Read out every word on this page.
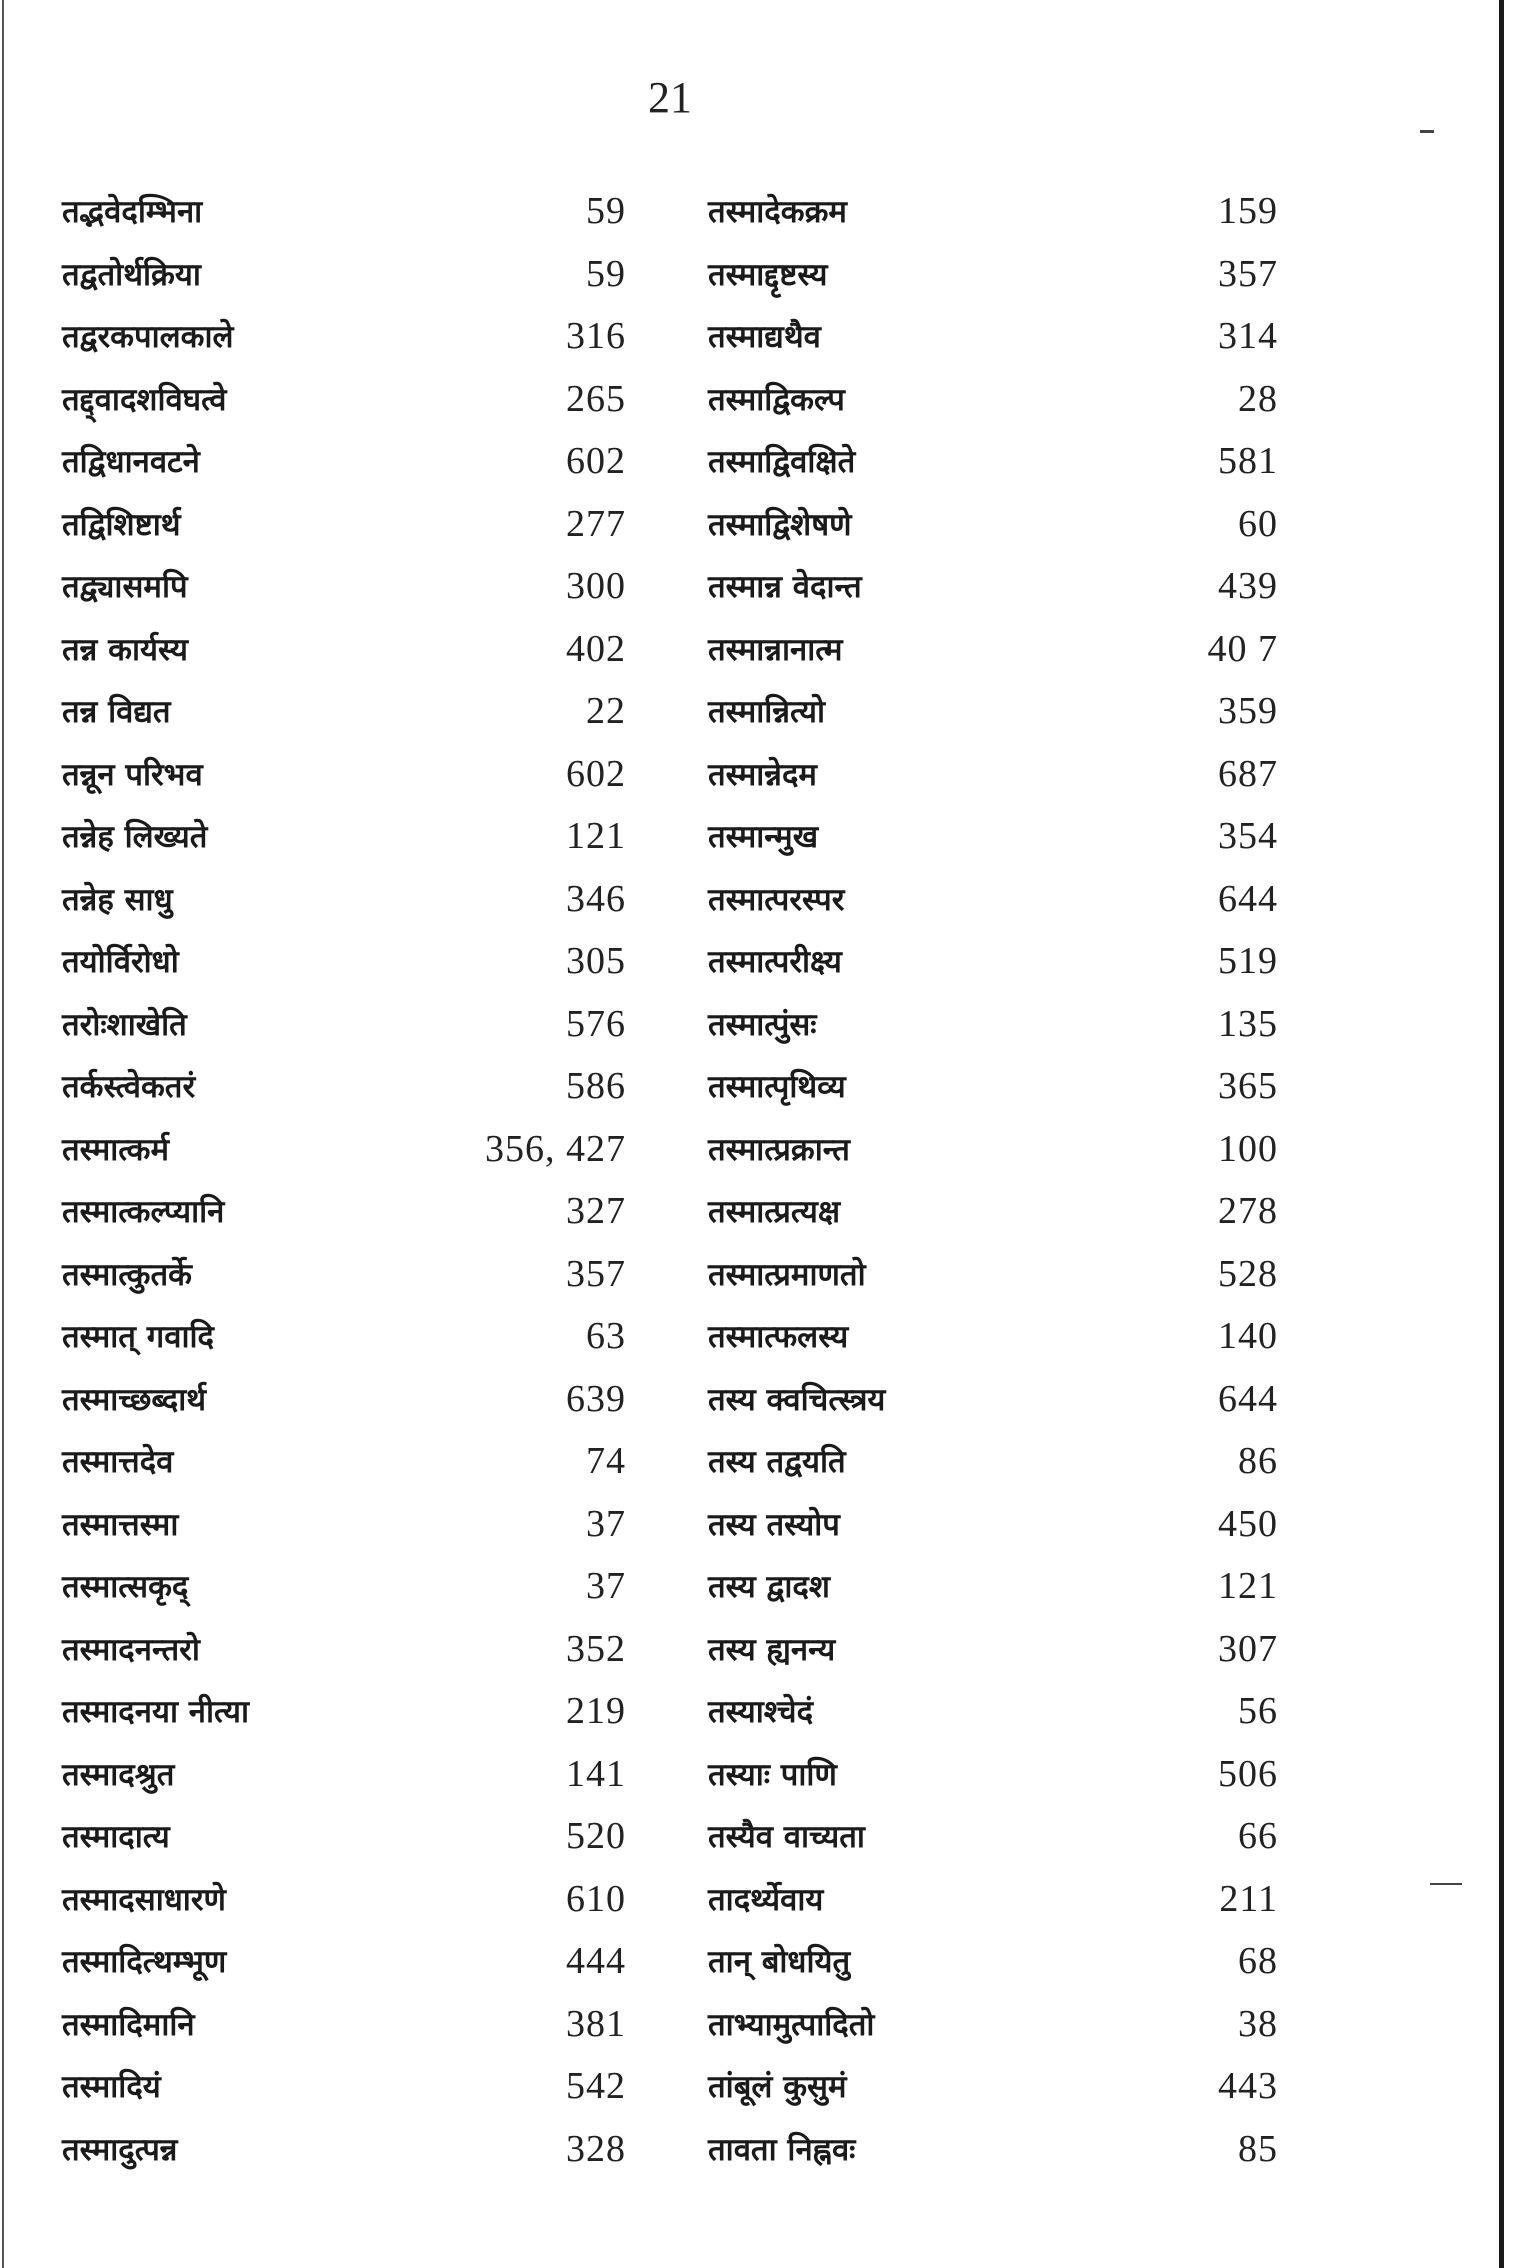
21
तद्भवेदम्भिना	59
तद्वतोर्थक्रिया	59
तद्वरकपालकाले	316
तद्द्वादशविघत्वे	265
तद्विधानवटने	602
तद्विशिष्टार्थ	277
तद्व्यासमपि	300
तन्न कार्यस्य	402
तन्न विद्यत	22
तन्नून परिभव	602
तन्नेह लिख्यते	121
तन्नेह साधु	346
तयोर्विरोधो	305
तरोःशाखेति	576
तर्कस्त्वेकतरं	586
तस्मात्कर्म	356, 427
तस्मात्कल्प्यानि	327
तस्मात्कुतर्के	357
तस्मात् गवादि	63
तस्माच्छब्दार्थ	639
तस्मात्तदेव	74
तस्मात्तस्मा	37
तस्मात्सकृद्	37
तस्मादनन्तरो	352
तस्मादनया नीत्या	219
तस्मादश्रुत	141
तस्मादात्य	520
तस्मादसाधारणे	610
तस्मादित्थम्भूण	444
तस्मादिमानि	381
तस्मादियं	542
तस्मादुत्पन्न	328
तस्मादेकक्रम	159
तस्माद्दृष्टस्य	357
तस्माद्यथैव	314
तस्माद्विकल्प	28
तस्माद्विवक्षिते	581
तस्माद्विशेषणे	60
तस्मान्न वेदान्त	439
तस्मान्नानात्म	40 7
तस्मान्नित्यो	359
तस्मान्नेदम	687
तस्मान्मुख	354
तस्मात्परस्पर	644
तस्मात्परीक्ष्य	519
तस्मात्पुंसः	135
तस्मात्पृथिव्य	365
तस्मात्प्रक्रान्त	100
तस्मात्प्रत्यक्ष	278
तस्मात्प्रमाणतो	528
तस्मात्फलस्य	140
तस्य क्वचित्स्त्रय	644
तस्य तद्वयति	86
तस्य तस्योप	450
तस्य द्वादश	121
तस्य ह्यनन्य	307
तस्याश्चेदं	56
तस्याः पाणि	506
तस्यैव वाच्यता	66
तादर्थ्येवाय	211
तान् बोधयितु	68
ताभ्यामुत्पादितो	38
तांबूलं कुसुमं	443
तावता निह्नवः	85
